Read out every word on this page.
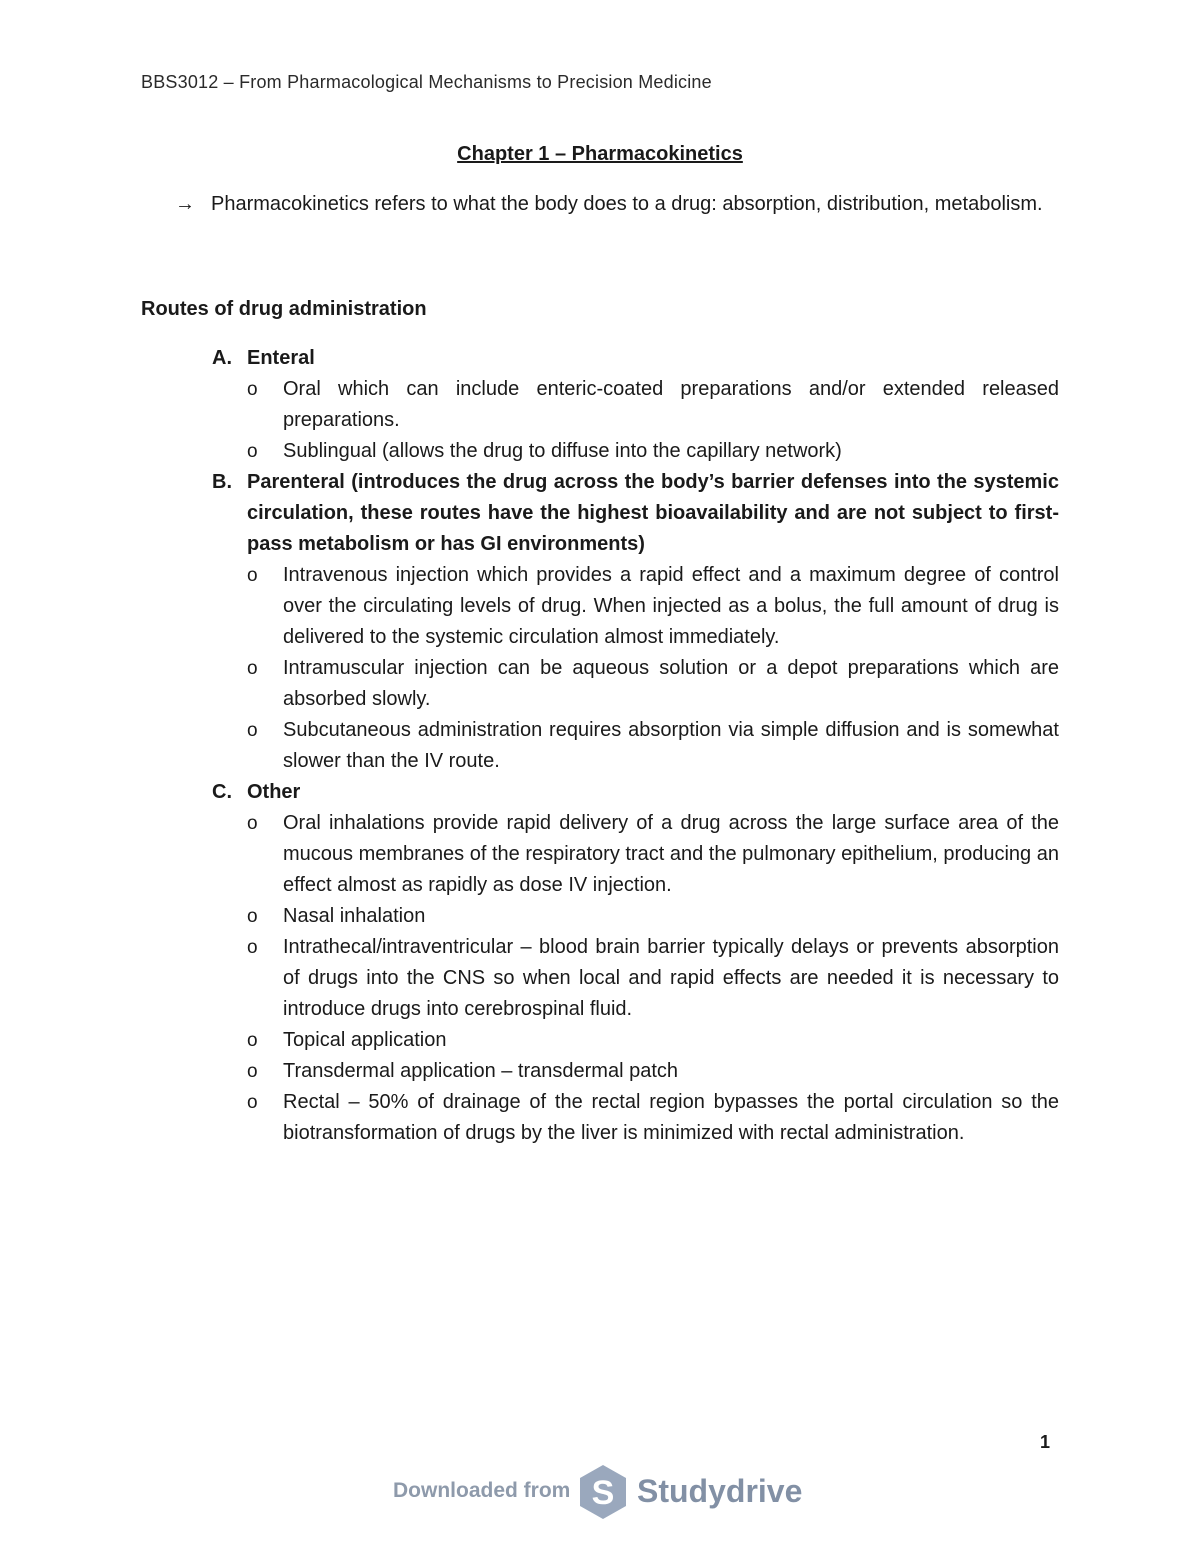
BBS3012 – From Pharmacological Mechanisms to Precision Medicine
Chapter 1 – Pharmacokinetics
→ Pharmacokinetics refers to what the body does to a drug: absorption, distribution, metabolism.
Routes of drug administration
A. Enteral
o Oral which can include enteric-coated preparations and/or extended released preparations.
o Sublingual (allows the drug to diffuse into the capillary network)
B. Parenteral (introduces the drug across the body’s barrier defenses into the systemic circulation, these routes have the highest bioavailability and are not subject to first-pass metabolism or has GI environments)
o Intravenous injection which provides a rapid effect and a maximum degree of control over the circulating levels of drug. When injected as a bolus, the full amount of drug is delivered to the systemic circulation almost immediately.
o Intramuscular injection can be aqueous solution or a depot preparations which are absorbed slowly.
o Subcutaneous administration requires absorption via simple diffusion and is somewhat slower than the IV route.
C. Other
o Oral inhalations provide rapid delivery of a drug across the large surface area of the mucous membranes of the respiratory tract and the pulmonary epithelium, producing an effect almost as rapidly as dose IV injection.
o Nasal inhalation
o Intrathecal/intraventricular – blood brain barrier typically delays or prevents absorption of drugs into the CNS so when local and rapid effects are needed it is necessary to introduce drugs into cerebrospinal fluid.
o Topical application
o Transdermal application – transdermal patch
o Rectal – 50% of drainage of the rectal region bypasses the portal circulation so the biotransformation of drugs by the liver is minimized with rectal administration.
1
Downloaded from S Studydrive
